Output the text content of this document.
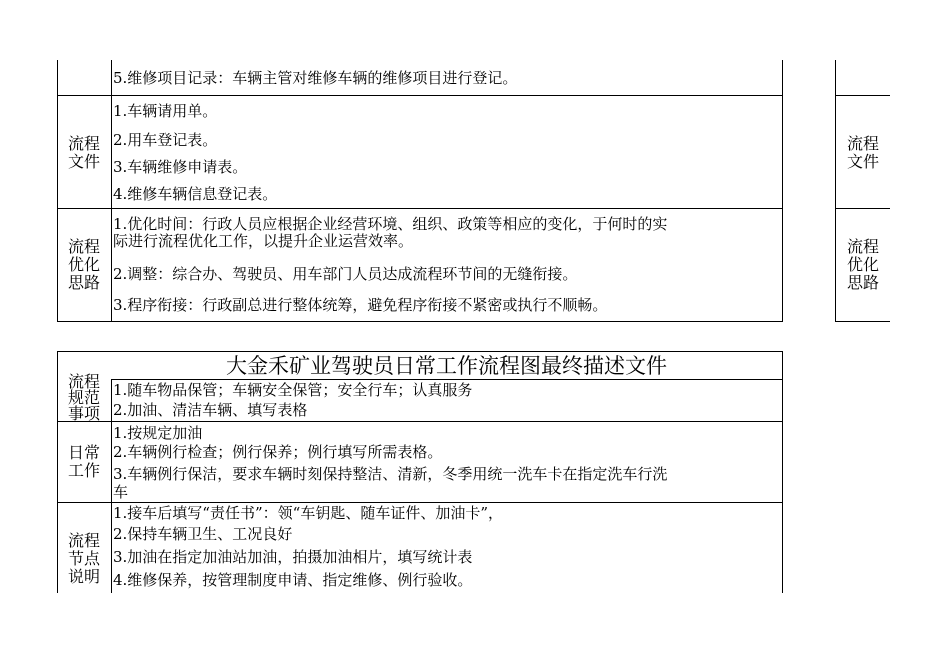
5.维修项目记录：车辆主管对维修车辆的维修项目进行登记。
流程
文件
1.车辆请用单。
2.用车登记表。
3.车辆维修申请表。
4.维修车辆信息登记表。
流程
优化
思路
1.优化时间：行政人员应根据企业经营环境、组织、政策等相应的变化，于何时的实
际进行流程优化工作，以提升企业运营效率。
2.调整：综合办、驾驶员、用车部门人员达成流程环节间的无缝衔接。
3.程序衔接：行政副总进行整体统筹，避免程序衔接不紧密或执行不顺畅。
流程
文件
流程
优化
思路
大金禾矿业驾驶员日常工作流程图最终描述文件
流程
规范
事项
1.随车物品保管；车辆安全保管；安全行车；认真服务
2.加油、清洁车辆、填写表格
日常
工作
1.按规定加油
2.车辆例行检查；例行保养；例行填写所需表格。
3.车辆例行保洁，要求车辆时刻保持整洁、清新，冬季用统一洗车卡在指定洗车行洗
车
流程
节点
说明
1.接车后填写“责任书”：领“车钥匙、随车证件、加油卡”，
2.保持车辆卫生、工况良好
3.加油在指定加油站加油，拍摄加油相片，填写统计表
4.维修保养，按管理制度申请、指定维修、例行验收。
